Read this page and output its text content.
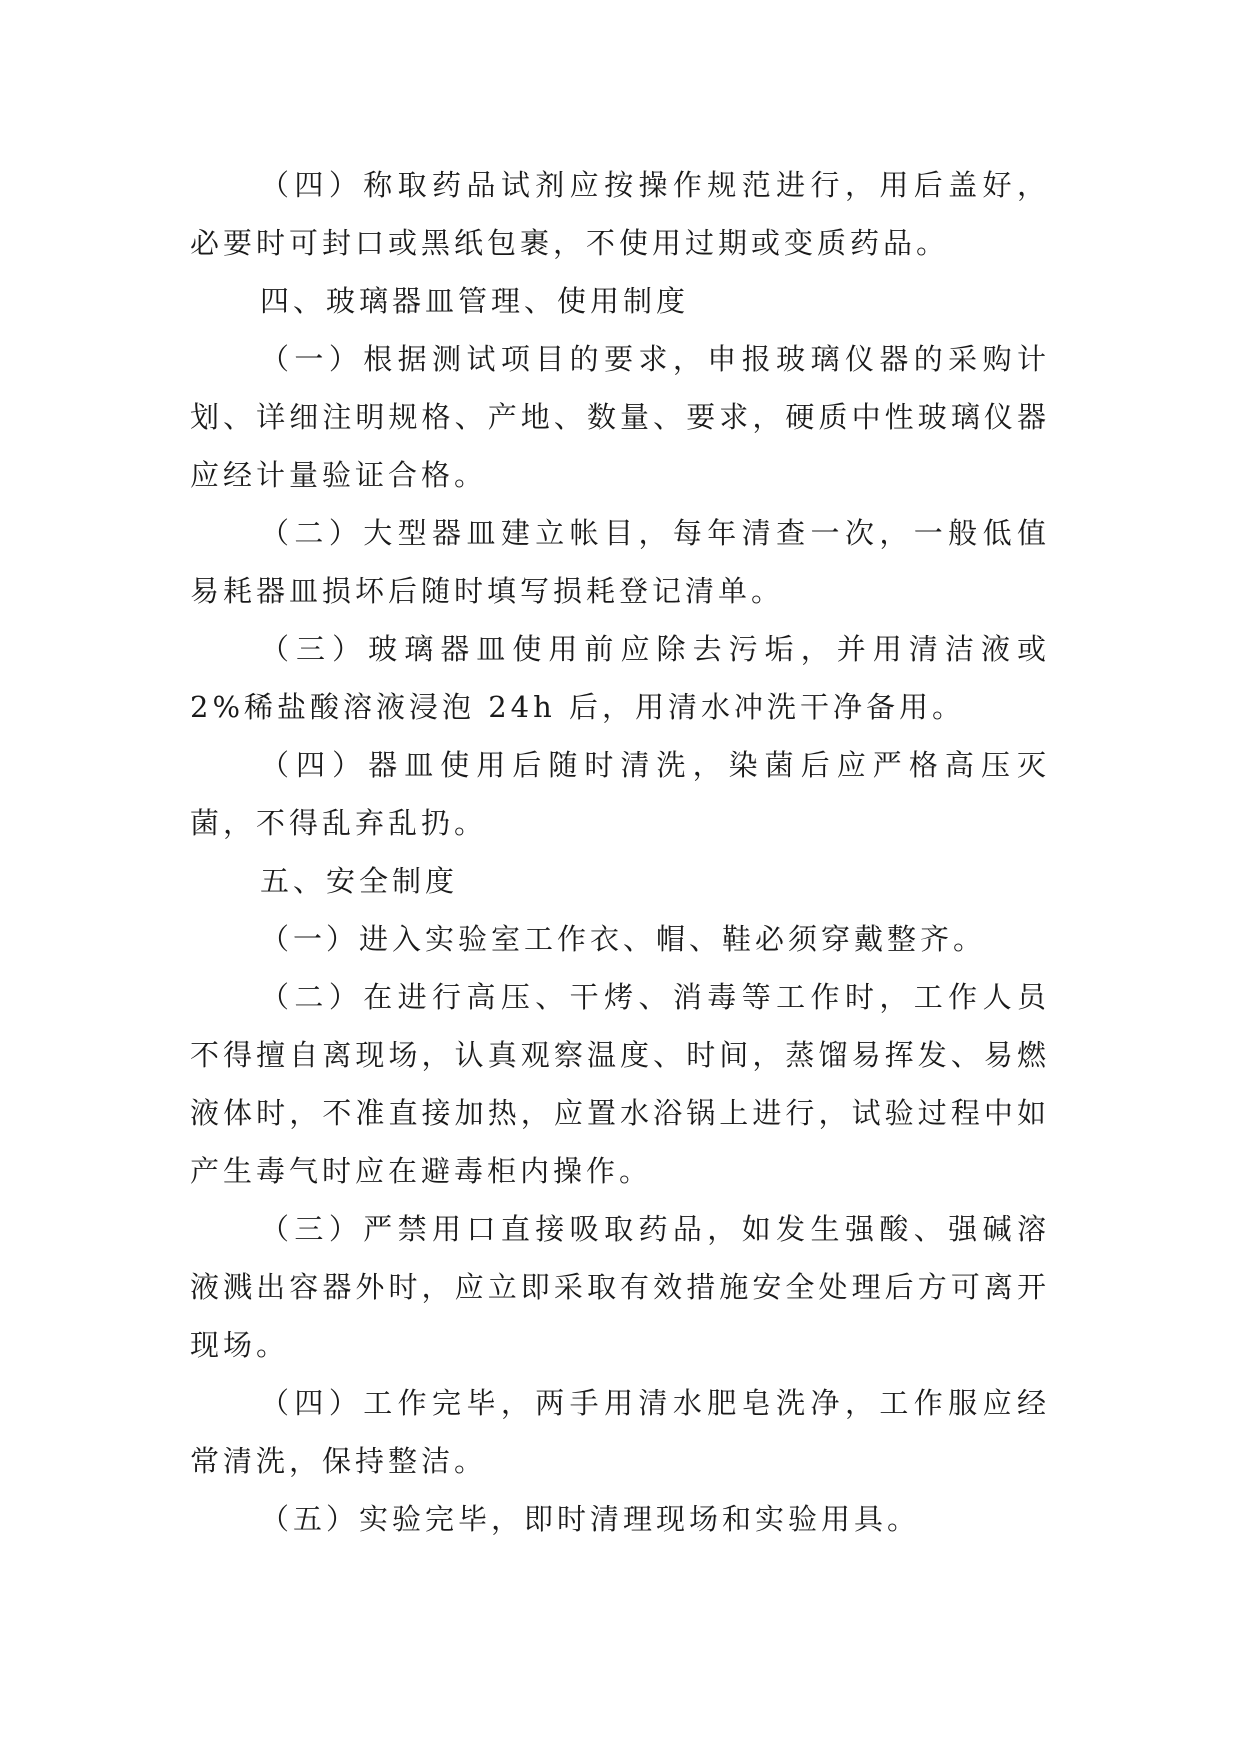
（四）称取药品试剂应按操作规范进行，用后盖好，必要时可封口或黑纸包裹，不使用过期或变质药品。

四、玻璃器皿管理、使用制度

（一）根据测试项目的要求，申报玻璃仪器的采购计划、详细注明规格、产地、数量、要求，硬质中性玻璃仪器应经计量验证合格。

（二）大型器皿建立帐目，每年清查一次，一般低值易耗器皿损坏后随时填写损耗登记清单。

（三）玻璃器皿使用前应除去污垢，并用清洁液或 2%稀盐酸溶液浸泡 24h 后，用清水冲洗干净备用。

（四）器皿使用后随时清洗，染菌后应严格高压灭菌，不得乱弃乱扔。

五、安全制度

（一）进入实验室工作衣、帽、鞋必须穿戴整齐。

（二）在进行高压、干烤、消毒等工作时，工作人员不得擅自离现场，认真观察温度、时间，蒸馏易挥发、易燃液体时，不准直接加热，应置水浴锅上进行，试验过程中如产生毒气时应在避毒柜内操作。

（三）严禁用口直接吸取药品，如发生强酸、强碱溶液溅出容器外时，应立即采取有效措施安全处理后方可离开现场。

（四）工作完毕，两手用清水肥皂洗净，工作服应经常清洗，保持整洁。

（五）实验完毕，即时清理现场和实验用具。
